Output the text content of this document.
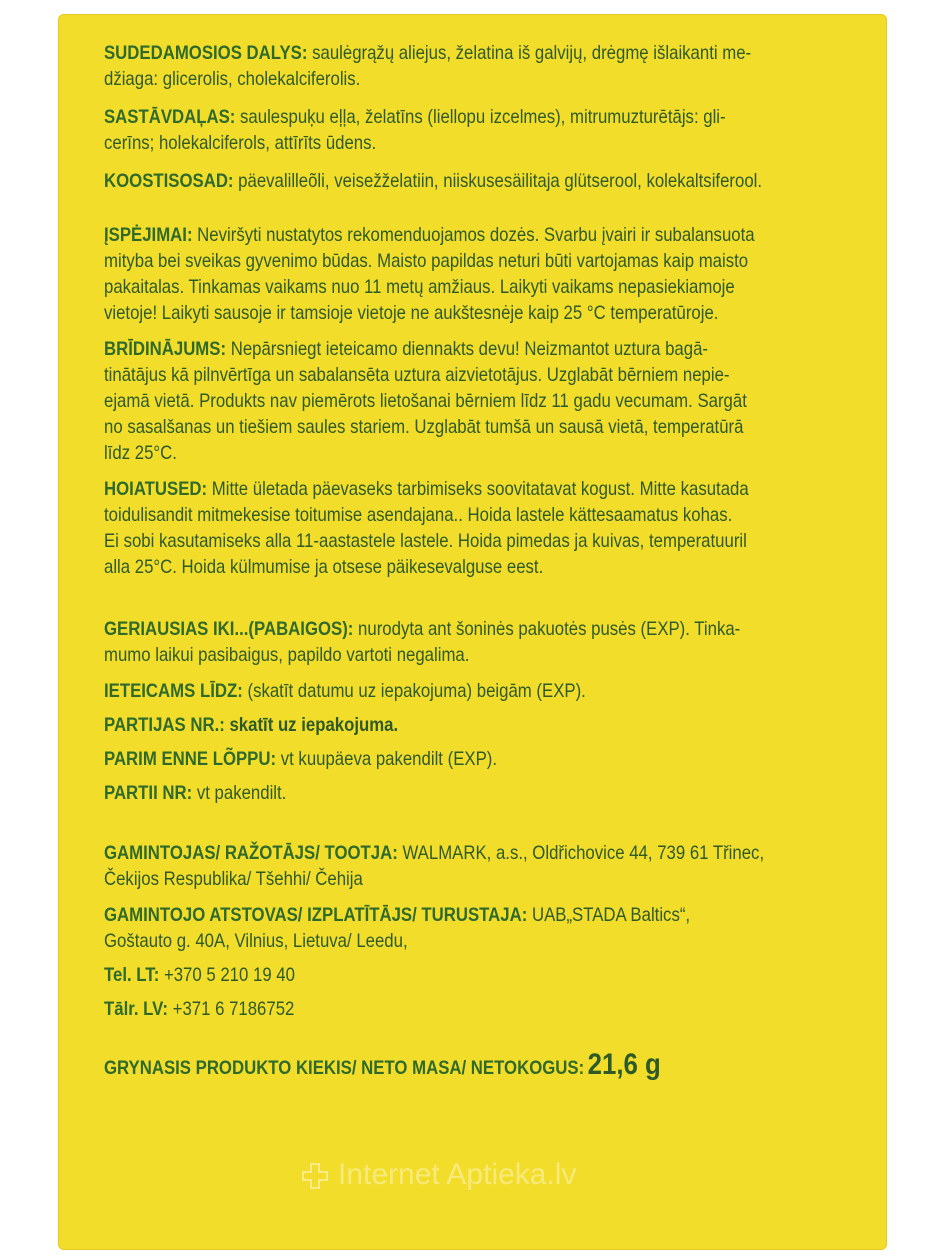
SUDEDAMOSIOS DALYS: saulėgrąžų aliejus, želatina iš galvijų, drėgmę išlaikanti me-
džiaga: glicerolis, cholekalciferolis.

SASTĀVDAĻAS: saulespuķu eļļa, želatīns (liellopu izcelmes), mitrumuzturētājs: gli-
cerīns; holekalciferols, attīrīts ūdens.

KOOSTISOSAD: päevalilleõli, veisežželatiin, niiskusesäilitaja glütserool, kolekaltsiferool.

ĮSPĖJIMAI: Neviršyti nustatytos rekomenduojamos dozės. Svarbu įvairi ir subalansuota
mityba bei sveikas gyvenimo būdas. Maisto papildas neturi būti vartojamas kaip maisto
pakaitalas. Tinkamas vaikams nuo 11 metų amžiaus. Laikyti vaikams nepasiekiamoje
vietoje! Laikyti sausoje ir tamsioje vietoje ne aukštesnėje kaip 25 °C temperatūroje.

BRĪDINĀJUMS: Nepārsniegt ieteicamo diennakts devu! Neizmantot uztura bagā-
tinātājus kā pilnvērtīga un sabalansēta uztura aizvietotājus. Uzglabāt bērniem nepie-
ejamā vietā. Produkts nav piemērots lietošanai bērniem līdz 11 gadu vecumam. Sargāt
no sasalšanas un tiešiem saules stariem. Uzglabāt tumšā un sausā vietā, temperatūrā
līdz 25°C.

HOIATUSED: Mitte ületada päevaseks tarbimiseks soovitatavat kogust. Mitte kasutada
toidulisandit mitmekesise toitumise asendajana.. Hoida lastele kättesaamatus kohas.
Ei sobi kasutamiseks alla 11-aastastele lastele. Hoida pimedas ja kuivas, temperatuuril
alla 25°C. Hoida külmumise ja otsese päikesevalguse eest.

GERIAUSIAS IKI...(PABAIGOS): nurodyta ant šoninės pakuotės pusės (EXP). Tinka-
mumo laikui pasibaigus, papildo vartoti negalima.

IETEICAMS LĪDZ: (skatīt datumu uz iepakojuma) beigām (EXP).

PARTIJAS NR.: skatīt uz iepakojuma.

PARIM ENNE LÕPPU: vt kuupäeva pakendilt (EXP).

PARTII NR: vt pakendilt.

GAMINTOJAS/ RAŽOTĀJS/ TOOTJA: WALMARK, a.s., Oldřichovice 44, 739 61 Třinec,
Čekijos Respublika/ Tšehhi/ Čehija

GAMINTOJO ATSTOVAS/ IZPLATĪTĀJS/ TURUSTAJA: UAB„STADA Baltics“,
Goštauto g. 40A, Vilnius, Lietuva/ Leedu,

Tel. LT: +370 5 210 19 40

Tālr. LV: +371 6 7186752

GRYNASIS PRODUKTO KIEKIS/ NETO MASA/ NETOKOGUS: 21,6 g

Internet Aptieka.lv
